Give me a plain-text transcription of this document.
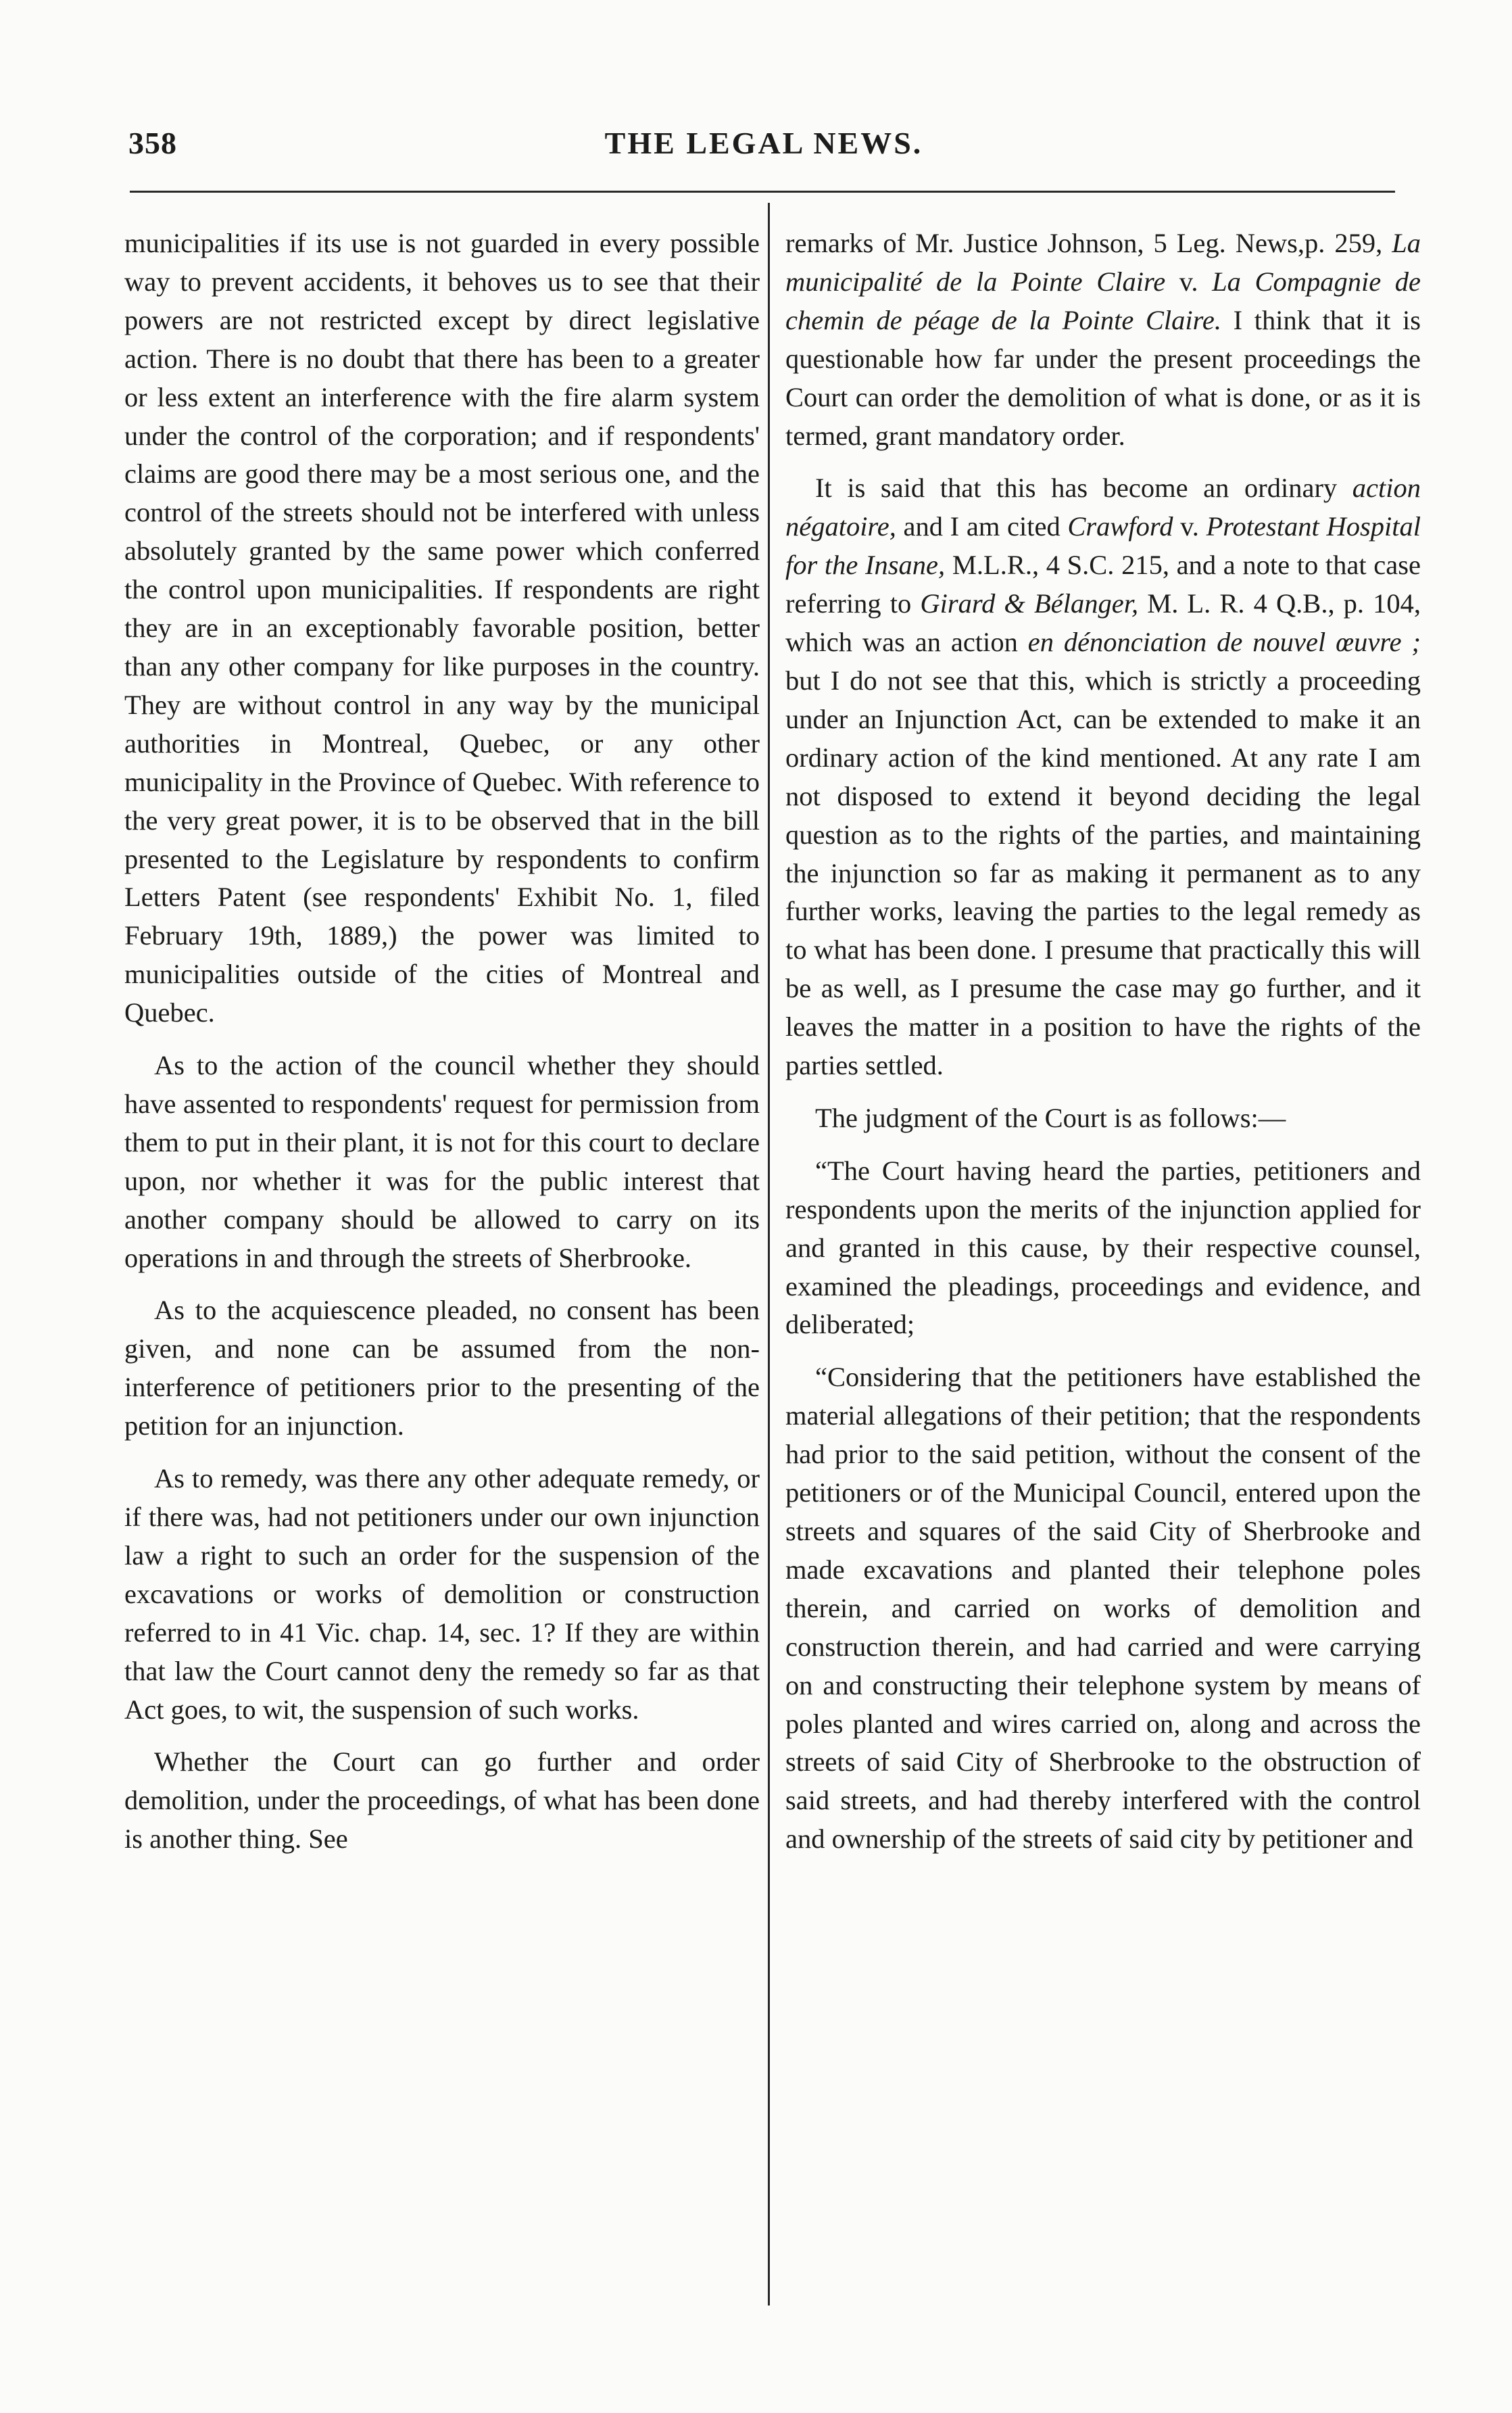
358	THE LEGAL NEWS.

municipalities if its use is not guarded in every possible way to prevent accidents, it behoves us to see that their powers are not restricted except by direct legislative action. There is no doubt that there has been to a greater or less extent an interference with the fire alarm system under the control of the corporation; and if respondents' claims are good there may be a most serious one, and the control of the streets should not be interfered with unless absolutely granted by the same power which conferred the control upon municipalities. If respondents are right they are in an exceptionably favorable position, better than any other company for like purposes in the country. They are without control in any way by the municipal authorities in Montreal, Quebec, or any other municipality in the Province of Quebec. With reference to the very great power, it is to be observed that in the bill presented to the Legislature by respondents to confirm Letters Patent (see respondents' Exhibit No. 1, filed February 19th, 1889,) the power was limited to municipalities outside of the cities of Montreal and Quebec.

As to the action of the council whether they should have assented to respondents' request for permission from them to put in their plant, it is not for this court to declare upon, nor whether it was for the public interest that another company should be allowed to carry on its operations in and through the streets of Sherbrooke.

As to the acquiescence pleaded, no consent has been given, and none can be assumed from the non-interference of petitioners prior to the presenting of the petition for an injunction.

As to remedy, was there any other adequate remedy, or if there was, had not petitioners under our own injunction law a right to such an order for the suspension of the excavations or works of demolition or construction referred to in 41 Vic. chap. 14, sec. 1? If they are within that law the Court cannot deny the remedy so far as that Act goes, to wit, the suspension of such works.

Whether the Court can go further and order demolition, under the proceedings, of what has been done is another thing. See

remarks of Mr. Justice Johnson, 5 Leg. News,p. 259, La municipalité de la Pointe Claire v. La Compagnie de chemin de péage de la Pointe Claire. I think that it is questionable how far under the present proceedings the Court can order the demolition of what is done, or as it is termed, grant mandatory order.

It is said that this has become an ordinary action négatoire, and I am cited Crawford v. Protestant Hospital for the Insane, M.L.R., 4 S.C. 215, and a note to that case referring to Girard & Bélanger, M. L. R. 4 Q.B., p. 104, which was an action en dénonciation de nouvel œuvre ; but I do not see that this, which is strictly a proceeding under an Injunction Act, can be extended to make it an ordinary action of the kind mentioned. At any rate I am not disposed to extend it beyond deciding the legal question as to the rights of the parties, and maintaining the injunction so far as making it permanent as to any further works, leaving the parties to the legal remedy as to what has been done. I presume that practically this will be as well, as I presume the case may go further, and it leaves the matter in a position to have the rights of the parties settled.

The judgment of the Court is as follows:—

“The Court having heard the parties, petitioners and respondents upon the merits of the injunction applied for and granted in this cause, by their respective counsel, examined the pleadings, proceedings and evidence, and deliberated;

“Considering that the petitioners have established the material allegations of their petition; that the respondents had prior to the said petition, without the consent of the petitioners or of the Municipal Council, entered upon the streets and squares of the said City of Sherbrooke and made excavations and planted their telephone poles therein, and carried on works of demolition and construction therein, and had carried and were carrying on and constructing their telephone system by means of poles planted and wires carried on, along and across the streets of said City of Sherbrooke to the obstruction of said streets, and had thereby interfered with the control and ownership of the streets of said city by petitioner and
